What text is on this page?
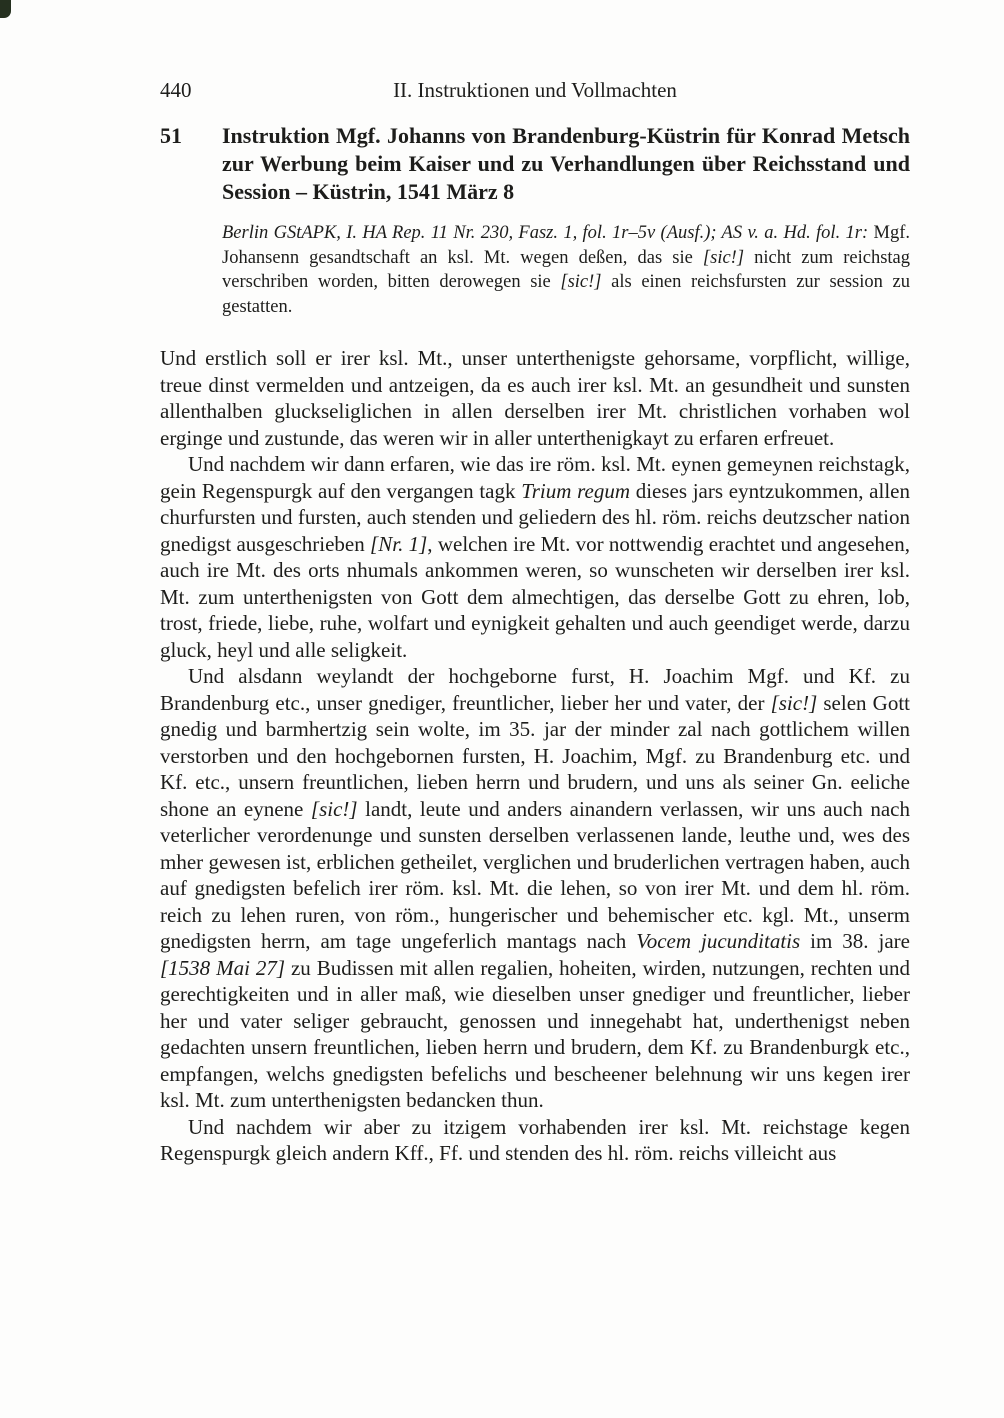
440	II. Instruktionen und Vollmachten
51 Instruktion Mgf. Johanns von Brandenburg-Küstrin für Konrad Metsch zur Werbung beim Kaiser und zu Verhandlungen über Reichsstand und Session – Küstrin, 1541 März 8

Berlin GStAPK, I. HA Rep. 11 Nr. 230, Fasz. 1, fol. 1r–5v (Ausf.); AS v. a. Hd. fol. 1r: Mgf. Johansenn gesandtschaft an ksl. Mt. wegen deßen, das sie [sic!] nicht zum reichstag verschriben worden, bitten derowegen sie [sic!] als einen reichsfursten zur session zu gestatten.

Und erstlich soll er irer ksl. Mt., unser unterthenigste gehorsame, vorpflicht, willige, treue dinst vermelden und antzeigen, da es auch irer ksl. Mt. an gesundheit und sunsten allenthalben gluckseliglichen in allen derselben irer Mt. christlichen vorhaben wol erginge und zustunde, das weren wir in aller unterthenigkayt zu erfaren erfreuet.

Und nachdem wir dann erfaren, wie das ire röm. ksl. Mt. eynen gemeynen reichstagk, gein Regenspurgk auf den vergangen tagk Trium regum dieses jars eyntzukommen, allen churfursten und fursten, auch stenden und geliedern des hl. röm. reichs deutzscher nation gnedigst ausgeschrieben [Nr. 1], welchen ire Mt. vor nottwendig erachtet und angesehen, auch ire Mt. des orts nhumals ankommen weren, so wunscheten wir derselben irer ksl. Mt. zum unterthenigsten von Gott dem almechtigen, das derselbe Gott zu ehren, lob, trost, friede, liebe, ruhe, wolfart und eynigkeit gehalten und auch geendiget werde, darzu gluck, heyl und alle seligkeit.

Und alsdann weylandt der hochgeborne furst, H. Joachim Mgf. und Kf. zu Brandenburg etc., unser gnediger, freuntlicher, lieber her und vater, der [sic!] selen Gott gnedig und barmhertzig sein wolte, im 35. jar der minder zal nach gottlichem willen verstorben und den hochgebornen fursten, H. Joachim, Mgf. zu Brandenburg etc. und Kf. etc., unsern freuntlichen, lieben herrn und brudern, und uns als seiner Gn. eeliche shone an eynene [sic!] landt, leute und anders ainandern verlassen, wir uns auch nach veterlicher verordenunge und sunsten derselben verlassenen lande, leuthe und, wes des mher gewesen ist, erblichen getheilet, verglichen und bruderlichen vertragen haben, auch auf gnedigsten befelich irer röm. ksl. Mt. die lehen, so von irer Mt. und dem hl. röm. reich zu lehen ruren, von röm., hungerischer und behemischer etc. kgl. Mt., unserm gnedigsten herrn, am tage ungeferlich mantags nach Vocem jucunditatis im 38. jare [1538 Mai 27] zu Budissen mit allen regalien, hoheiten, wirden, nutzungen, rechten und gerechtigkeiten und in aller maß, wie dieselben unser gnediger und freuntlicher, lieber her und vater seliger gebraucht, genossen und innegehabt hat, underthenigst neben gedachten unsern freuntlichen, lieben herrn und brudern, dem Kf. zu Brandenburgk etc., empfangen, welchs gnedigsten befelichs und bescheener belehnung wir uns kegen irer ksl. Mt. zum unterthenigsten bedancken thun.

Und nachdem wir aber zu itzigem vorhabenden irer ksl. Mt. reichstage kegen Regenspurgk gleich andern Kff., Ff. und stenden des hl. röm. reichs villeicht aus
